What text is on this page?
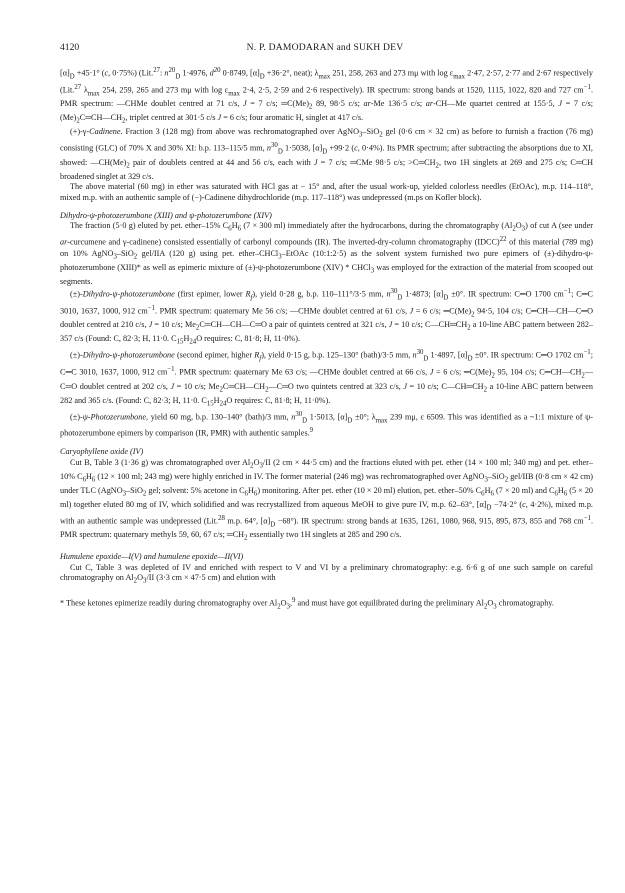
4120	N. P. DAMODARAN and SUKH DEV

$[\alpha]_D +45\cdot 1^\circ$ (c, 0·75%) (Lit.$^{27}$: $n^{20}_D$ 1·4976, $d^{20}$ 0·8749, $[\alpha]_D +36\cdot 2^\circ$, neat); $\lambda_{max}$ 251, 258, 263 and 273 mμ with $\log \varepsilon_{max}$ 2·47, 2·57, 2·77 and 2·67 respectively (Lit.$^{27}$ $\lambda_{max}$ 254, 259, 265 and 273 mμ with $\log \varepsilon_{max}$ 2·4, 2·5, 2·59 and 2·6 respectively). IR spectrum: strong bands at 1520, 1115, 1022, 820 and 727 $cm^{-1}$. PMR spectrum: —CHMe doublet centred at 71 c/s, J = 7 c/s; $═C(Me)_2$ 89, 98·5 c/s; ar-Me 136·5 c/s; ar-CH—Me quartet centred at 155·5, J = 7 c/s; $(Me)_2C═CH—CH_2$, triplet centred at 301·5 c/s J = 6 c/s; four aromatic H, singlet at 417 c/s.

(+)-γ-Cadinene. Fraction 3 (128 mg) from above was rechromatographed over AgNO$_3$–SiO$_2$ gel (0·6 cm × 32 cm) as before to furnish a fraction (76 mg) consisting (GLC) of 70% X and 30% XI: b.p. 113–115/5 mm, $n^{30}_D$ 1·5038, $[\alpha]_D +99\cdot 2$ (c, 0·4%). Its PMR spectrum; after subtracting the absorptions due to XI, showed: $—CH(Me)_2$ pair of doublets centred at 44 and 56 c/s, each with J = 7 c/s; ═CMe 98·5 c/s; $>C═CH_2$, two 1H singlets at 269 and 275 c/s; C═CH broadened singlet at 329 c/s.

The above material (60 mg) in ether was saturated with HCl gas at − 15° and, after the usual work-up, yielded colorless needles (EtOAc), m.p. 114–118°, mixed m.p. with an authentic sample of (−)-Cadinene dihydrochloride (m.p. 117–118°) was undepressed (m.ps on Kofler block).

Dihydro-ψ-photozerumbone (XIII) and ψ-photozerumbone (XIV)

The fraction (5·0 g) eluted by pet. ether–15% $C_6H_6$ (7 × 300 ml) immediately after the hydrocarbons, during the chromatography $(Al_2O_3)$ of cut A (see under ar-curcumene and γ-cadinene) consisted essentially of carbonyl compounds (IR). The inverted-dry-column chromatography (IDCC)$^{22}$ of this material (789 mg) on 10% AgNO$_3$–SiO$_2$ gel/IIA (120 g) using pet. ether–CHCl$_3$–EtOAc (10:1:2·5) as the solvent system furnished two pure epimers of (±)-dihydro-ψ-photozerumbone (XIII)* as well as epimeric mixture of (±)-ψ-photozerumbone (XIV) * CHCl$_3$ was employed for the extraction of the material from scooped out segments.

(±)-Dihydro-ψ-photozerumbone (first epimer, lower $R_f$), yield 0·28 g, b.p. 110–111°/3·5 mm, $n^{30}_D$ 1·4873; $[\alpha]_D \pm 0^\circ$. IR spectrum: C═O 1700 $cm^{-1}$; C═C 3010, 1637, 1000, 912 $cm^{-1}$. PMR spectrum: quaternary Me 56 c/s; —CHMe doublet centred at 61 c/s, J = 6 c/s; $═C(Me)_2$ 94·5, 104 c/s; C═CH—CH—C═O doublet centred at 210 c/s, J = 10 c/s; $Me_2C═CH—CH—C═O$ a pair of quintets centred at 321 c/s, J = 10 c/s; $C—CH═CH_2$ a 10-line ABC pattern between 282–357 c/s (Found: C, 82·3; H, 11·0. $C_{15}H_{24}O$ requires: C, 81·8; H, 11·0%).

(±)-Dihydro-ψ-photozerumbone (second epimer, higher $R_f$), yield 0·15 g, b.p. 125–130° (bath)/3·5 mm, $n^{30}_D$ 1·4897, $[\alpha]_D \pm 0^\circ$. IR spectrum: C═O 1702 $cm^{-1}$; C═C 3010, 1637, 1000, 912 $cm^{-1}$. PMR spectrum: quaternary Me 63 c/s; —CHMe doublet centred at 66 c/s, J = 6 c/s; $═C(Me)_2$ 95, 104 c/s; $C═CH—CH_2—C═O$ doublet centred at 202 c/s, J = 10 c/s; $Me_2C═CH—CH_2—C═O$ two quintets centred at 323 c/s, J = 10 c/s; $C—CH═CH_2$ a 10-line ABC pattern between 282 and 365 c/s. (Found: C, 82·3; H, 11·0. $C_{15}H_{24}O$ requires: C, 81·8; H, 11·0%).

(±)-ψ-Photozerumbone, yield 60 mg, b.p. 130–140° (bath)/3 mm, $n^{30}_D$ 1·5013, $[\alpha]_D \pm 0^\circ$; $\lambda_{max}$ 239 mμ, ε 6509. This was identified as a ~1:1 mixture of ψ-photozerumbone epimers by comparison (IR, PMR) with authentic samples.$^9$

Caryophyllene oxide (IV)

Cut B, Table 3 (1·36 g) was chromatographed over $Al_2O_3/II$ (2 cm × 44·5 cm) and the fractions eluted with pet. ether (14 × 100 ml; 340 mg) and pet. ether–10% $C_6H_6$ (12 × 100 ml; 243 mg) were highly enriched in IV. The former material (246 mg) was rechromatographed over AgNO$_3$–SiO$_2$ gel/IIB (0·8 cm × 42 cm) under TLC (AgNO$_3$–SiO$_2$ gel; solvent: 5% acetone in $C_6H_6$) monitoring. After pet. ether (10 × 20 ml) elution, pet. ether–50% $C_6H_6$ (7 × 20 ml) and $C_6H_6$ (5 × 20 ml) together eluted 80 mg of IV, which solidified and was recrystallized from aqueous MeOH to give pure IV, m.p. 62–63°, $[\alpha]_D -74\cdot 2^\circ$ (c, 4·2%), mixed m.p. with an authentic sample was undepressed (Lit.$^{28}$ m.p. 64°, $[\alpha]_D -68^\circ$). IR spectrum: strong bands at 1635, 1261, 1080, 968, 915, 895, 873, 855 and 768 $cm^{-1}$. PMR spectrum: quaternary methyls 59, 60, 67 c/s; $═CH_2$ essentially two 1H singlets at 285 and 290 c/s.

Humulene epoxide—I(V) and humulene epoxide—II(VI)

Cut C, Table 3 was depleted of IV and enriched with respect to V and VI by a preliminary chromatography: e.g. 6·6 g of one such sample on careful chromatography on $Al_2O_3/II$ (3·3 cm × 47·5 cm) and elution with

* These ketones epimerize readily during chromatography over $Al_2O_3,^9$ and must have got equilibrated during the preliminary $Al_2O_3$ chromatography.
